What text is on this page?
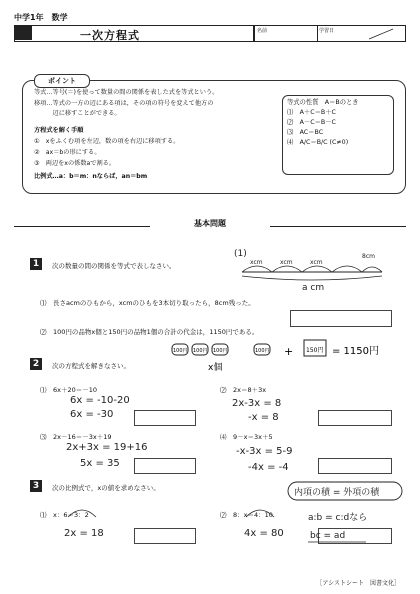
中学1年　数学
一次方程式	名前	学習日
ポイント
等式…等号(＝)を使って数量の間の関係を表した式を等式という。
移項…等式の一方の辺にある項は，その項の符号を変えて他方の
　　　辺に移すことができる。
方程式を解く手順
①　xをふくむ項を左辺，数の項を右辺に移項する。
②　ax＝bの形にする。
③　両辺をxの係数aで割る。
比例式…a：b＝m：nならば，an＝bm
等式の性質　A＝Bのとき
⑴　A＋C＝B＋C
⑵　A－C＝B－C
⑶　AC＝BC
⑷　A/C＝B/C (C≠0)
基本問題
1	次の数量の間の関係を等式で表しなさい。
(1)
xcm	xcm	xcm
8cm
a cm
⑴　長さacmのひもから，xcmのひもを3本切り取ったら，8cm残った。
⑵　100円の品物x個と150円の品物1個の合計の代金は，1150円である。
100円 100円 100円	100円 + 150円 = 1150円
x個
2	次の方程式を解きなさい。
⑴　6x＋20＝－10
6x = -10-20
6x = -30
⑵　2x＝8＋3x
2x-3x = 8
-x = 8
⑶　2x－16＝－3x＋19
2x+3x = 19+16
5x = 35
⑷　9－x＝3x＋5
-x-3x = 5-9
-4x = -4
3	次の比例式で，xの値を求めなさい。
⑴　x：6＝3：2
2x = 18
⑵　8：x＝4：10
4x = 80
内項の積 = 外項の積
a:b = c:dなら
bc = ad
［アシストシート　図書文化］
